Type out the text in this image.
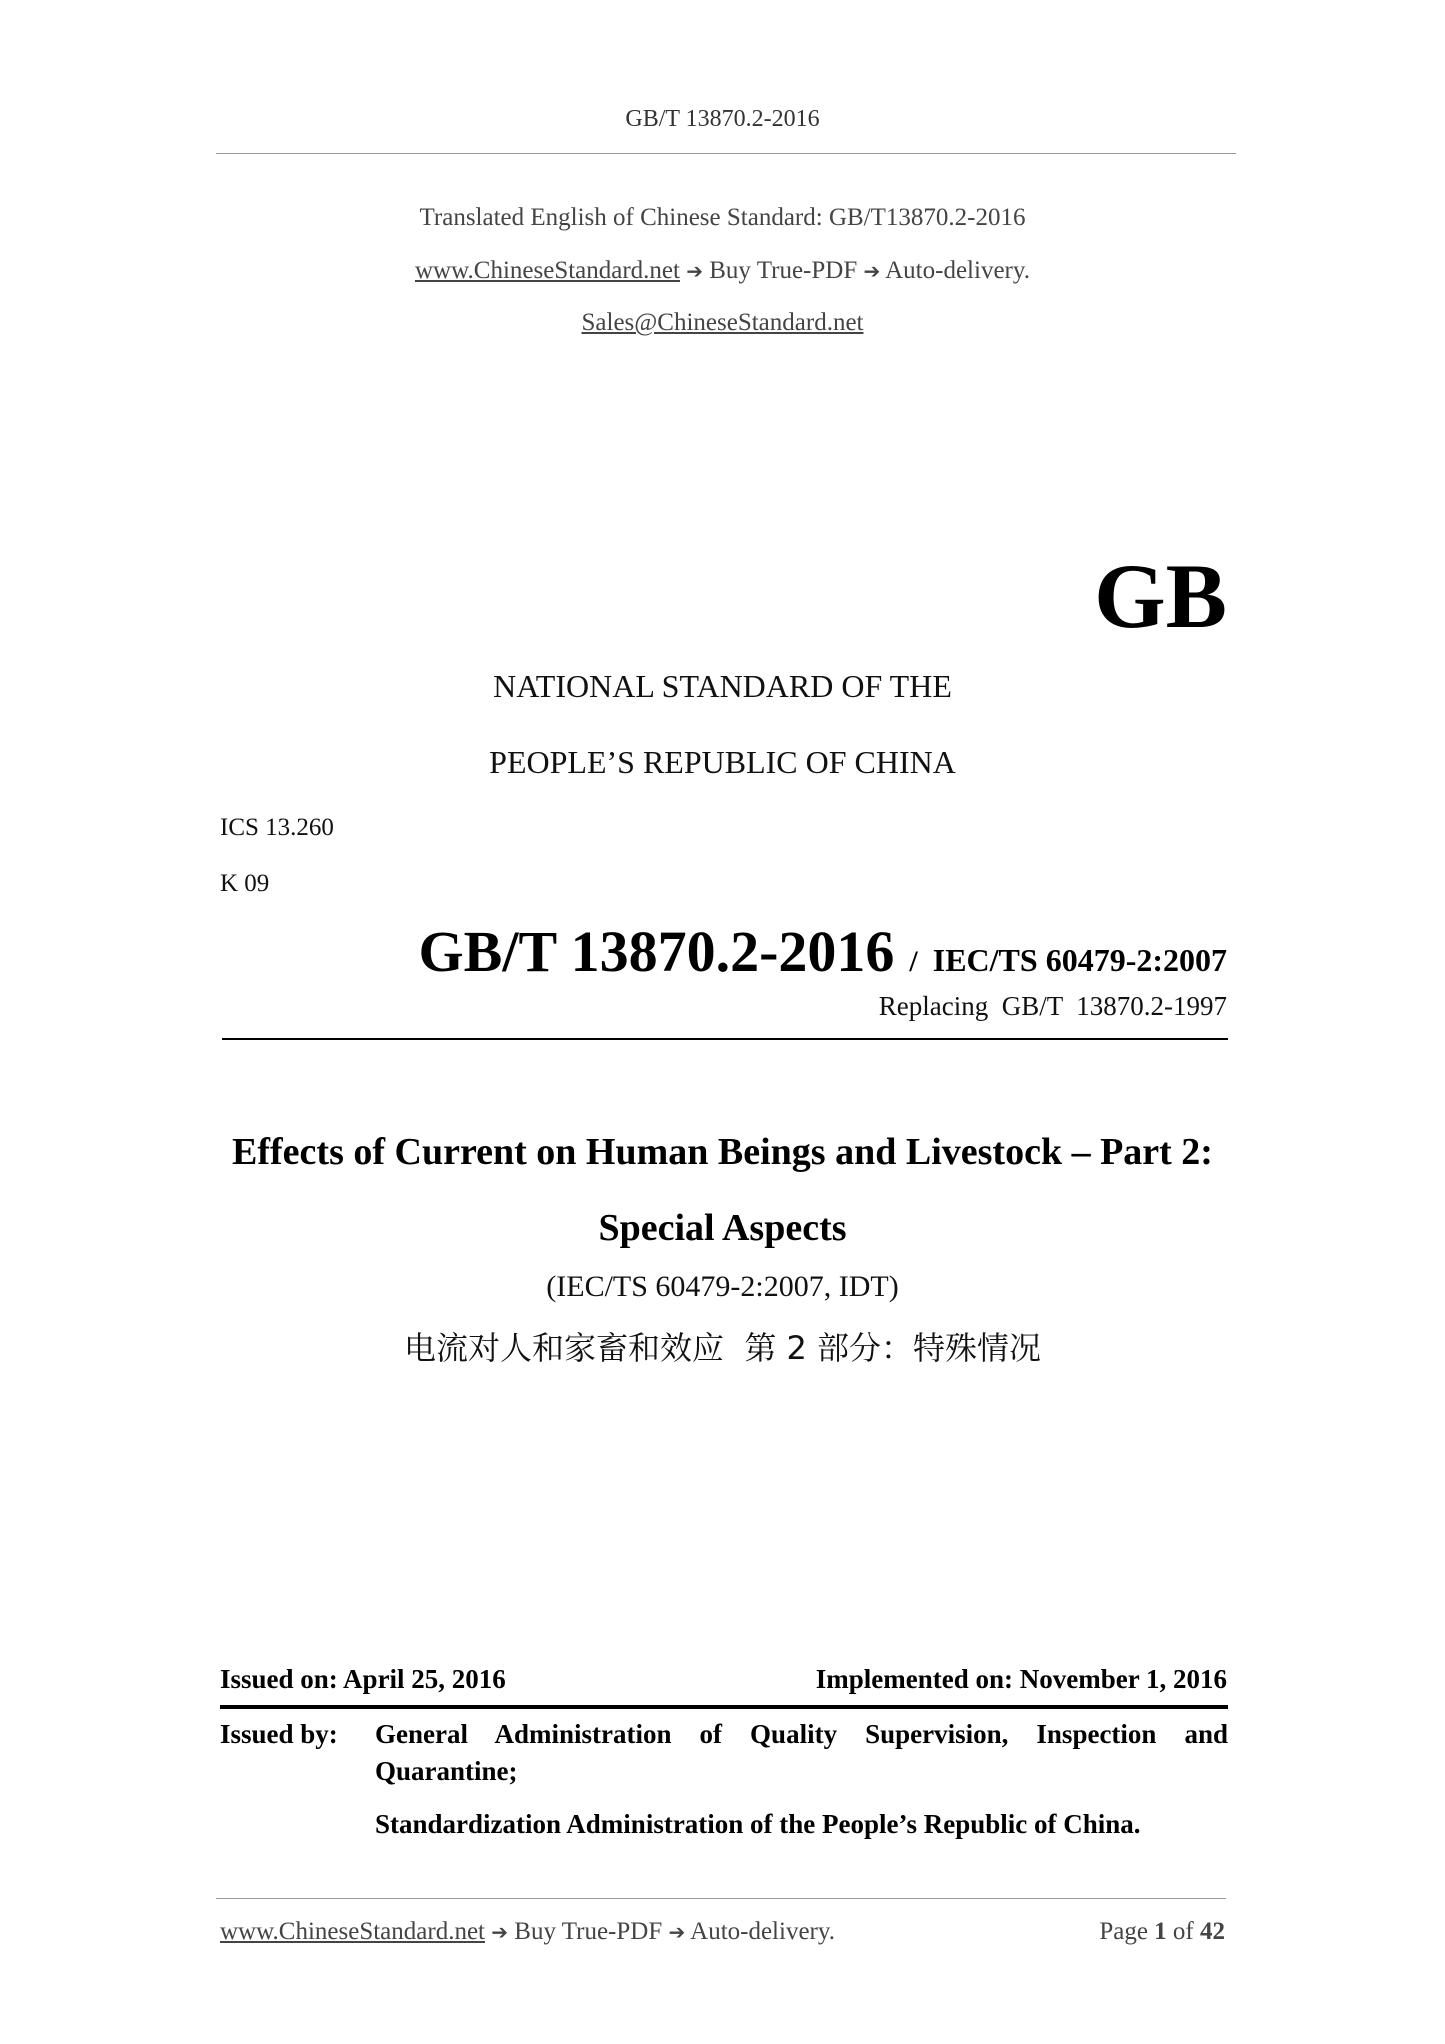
GB/T 13870.2-2016
Translated English of Chinese Standard: GB/T13870.2-2016
www.ChineseStandard.net ➔ Buy True-PDF ➔ Auto-delivery.
Sales@ChineseStandard.net
GB
NATIONAL STANDARD OF THE
PEOPLE’S REPUBLIC OF CHINA
ICS 13.260
K 09
GB/T 13870.2-2016  /  IEC/TS 60479-2:2007
Replacing  GB/T  13870.2-1997
Effects of Current on Human Beings and Livestock – Part 2:
Special Aspects
(IEC/TS 60479-2:2007, IDT)
电流对人和家畜和效应  第 2 部分：特殊情况
Issued on: April 25, 2016	Implemented on: November 1, 2016
Issued by: General Administration of Quality Supervision, Inspection and
Quarantine;
Standardization Administration of the People’s Republic of China.
www.ChineseStandard.net ➔ Buy True-PDF ➔ Auto-delivery.	Page 1 of 42
